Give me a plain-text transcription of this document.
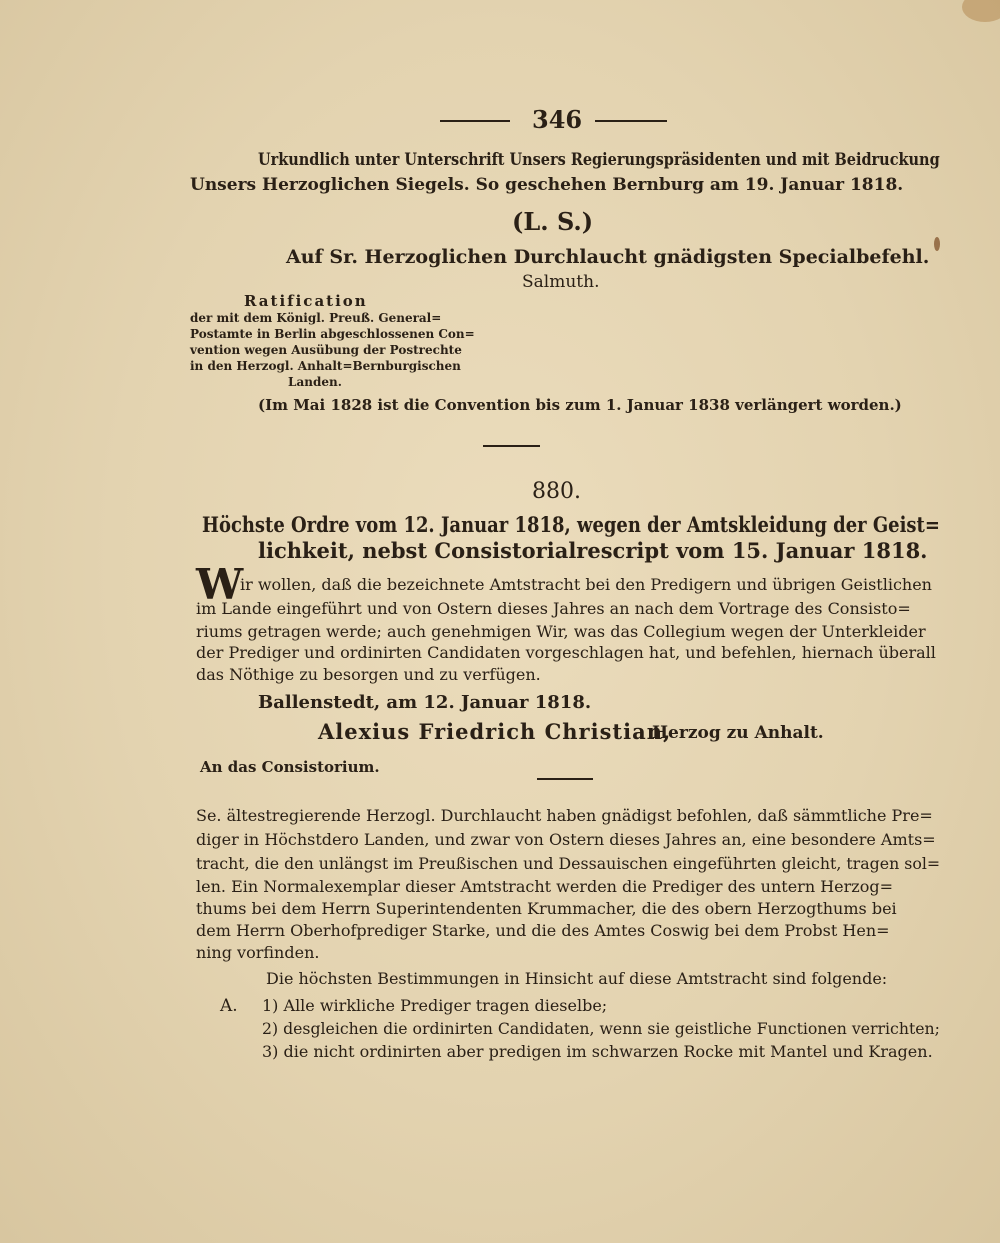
346
Urkundlich unter Unterschrift Unsers Regierungspräsidenten und mit Beidruckung
Unsers Herzoglichen Siegels. So geschehen Bernburg am 19. Januar 1818.
(L. S.)
Auf Sr. Herzoglichen Durchlaucht gnädigsten Specialbefehl.
Salmuth.
Ratification
der mit dem Königl. Preuß. General=
Postamte in Berlin abgeschlossenen Con=
vention wegen Ausübung der Postrechte
in den Herzogl. Anhalt=Bernburgischen
Landen.
(Im Mai 1828 ist die Convention bis zum 1. Januar 1838 verlängert worden.)
880.
Höchste Ordre vom 12. Januar 1818, wegen der Amtskleidung der Geist=
lichkeit, nebst Consistorialrescript vom 15. Januar 1818.
W
ir wollen, daß die bezeichnete Amtstracht bei den Predigern und übrigen Geistlichen
im Lande eingeführt und von Ostern dieses Jahres an nach dem Vortrage des Consisto=
riums getragen werde; auch genehmigen Wir, was das Collegium wegen der Unterkleider
der Prediger und ordinirten Candidaten vorgeschlagen hat, und befehlen, hiernach überall
das Nöthige zu besorgen und zu verfügen.
Ballenstedt, am 12. Januar 1818.
Alexius Friedrich Christian,
Herzog zu Anhalt.
An das Consistorium.
Se. ältestregierende Herzogl. Durchlaucht haben gnädigst befohlen, daß sämmtliche Pre=
diger in Höchstdero Landen, und zwar von Ostern dieses Jahres an, eine besondere Amts=
tracht, die den unlängst im Preußischen und Dessauischen eingeführten gleicht, tragen sol=
len. Ein Normalexemplar dieser Amtstracht werden die Prediger des untern Herzog=
thums bei dem Herrn Superintendenten Krummacher, die des obern Herzogthums bei
dem Herrn Oberhofprediger Starke, und die des Amtes Coswig bei dem Probst Hen=
ning vorfinden.
Die höchsten Bestimmungen in Hinsicht auf diese Amtstracht sind folgende:
A. 1) Alle wirkliche Prediger tragen dieselbe;
2) desgleichen die ordinirten Candidaten, wenn sie geistliche Functionen verrichten;
3) die nicht ordinirten aber predigen im schwarzen Rocke mit Mantel und Kragen.
